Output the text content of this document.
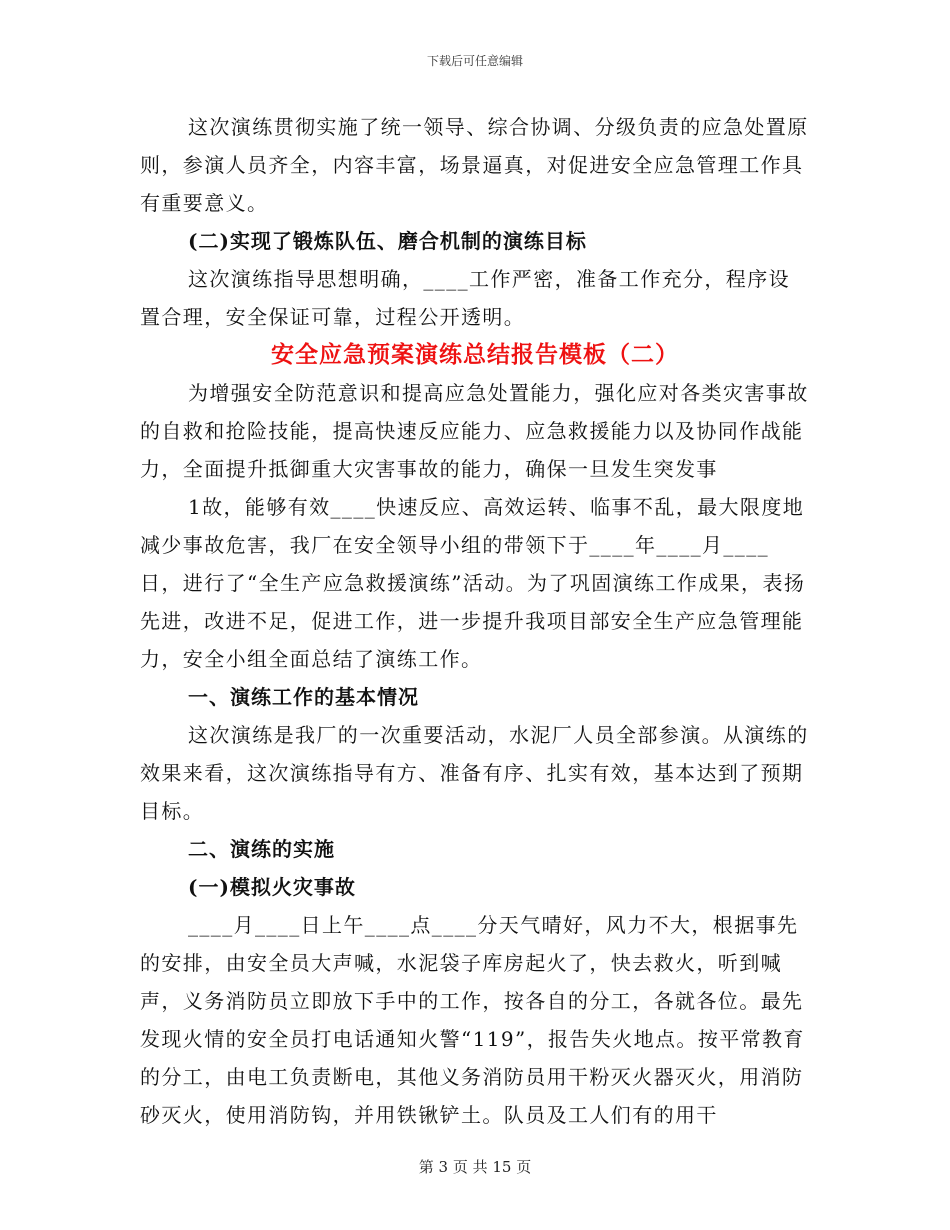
下载后可任意编辑

这次演练贯彻实施了统一领导、综合协调、分级负责的应急处置原则，参演人员齐全，内容丰富，场景逼真，对促进安全应急管理工作具有重要意义。

(二)实现了锻炼队伍、磨合机制的演练目标

这次演练指导思想明确，____工作严密，准备工作充分，程序设置合理，安全保证可靠，过程公开透明。

安全应急预案演练总结报告模板（二）

为增强安全防范意识和提高应急处置能力，强化应对各类灾害事故的自救和抢险技能，提高快速反应能力、应急救援能力以及协同作战能力，全面提升抵御重大灾害事故的能力，确保一旦发生突发事

1故，能够有效____快速反应、高效运转、临事不乱，最大限度地减少事故危害，我厂在安全领导小组的带领下于____年____月____日，进行了“全生产应急救援演练”活动。为了巩固演练工作成果，表扬先进，改进不足，促进工作，进一步提升我项目部安全生产应急管理能力，安全小组全面总结了演练工作。

一、演练工作的基本情况

这次演练是我厂的一次重要活动，水泥厂人员全部参演。从演练的效果来看，这次演练指导有方、准备有序、扎实有效，基本达到了预期目标。

二、演练的实施

(一)模拟火灾事故

____月____日上午____点____分天气晴好，风力不大，根据事先的安排，由安全员大声喊，水泥袋子库房起火了，快去救火，听到喊声，义务消防员立即放下手中的工作，按各自的分工，各就各位。最先发现火情的安全员打电话通知火警“119”，报告失火地点。按平常教育的分工，由电工负责断电，其他义务消防员用干粉灭火器灭火，用消防砂灭火，使用消防钩，并用铁锹铲土。队员及工人们有的用干

第 3 页 共 15 页
